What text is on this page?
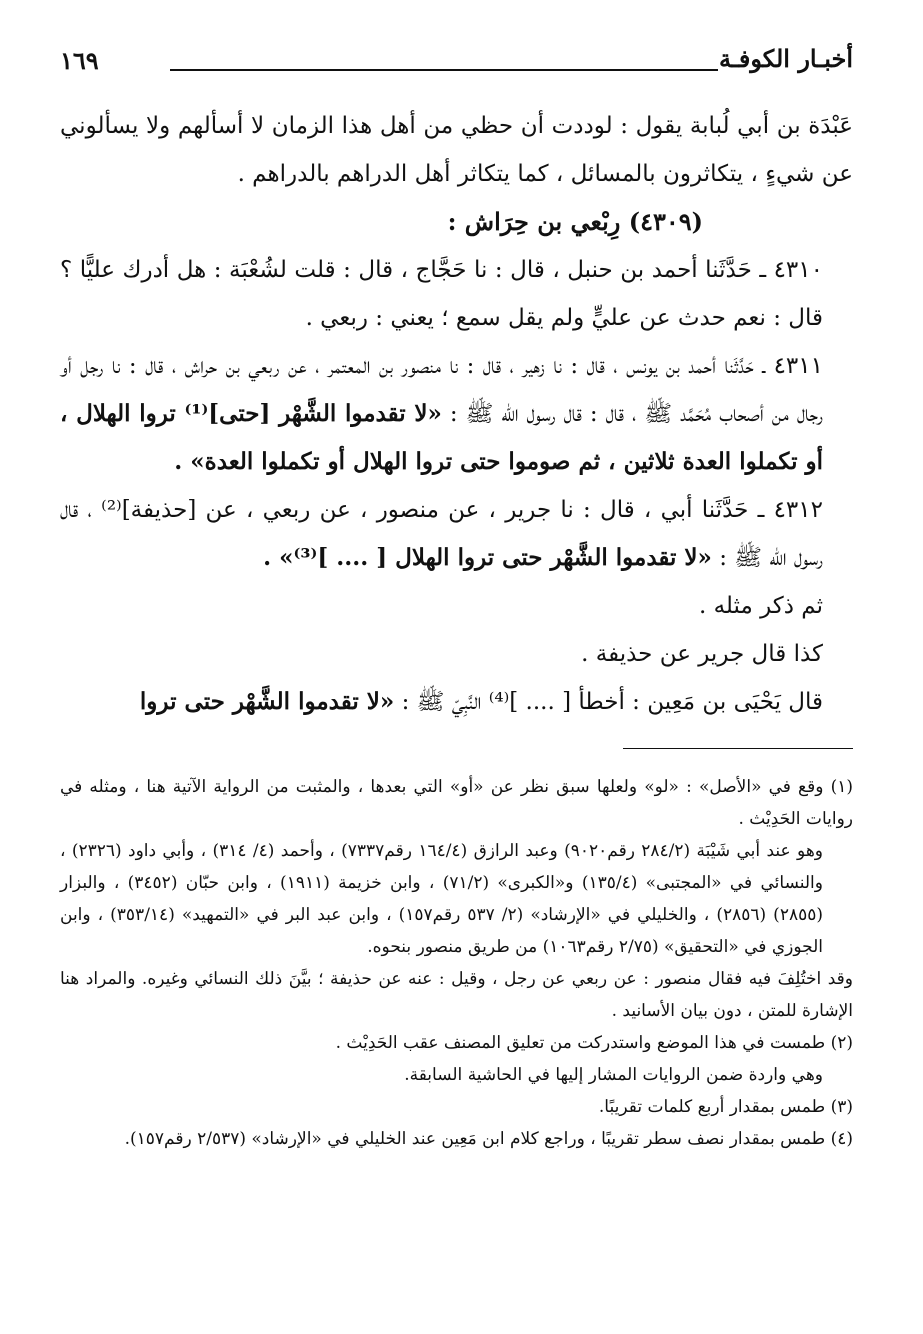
١٦٩	أخبـار الكوفـة

عَبْدَة بن أبي لُبابة يقول : لوددت أن حظي من أهل هذا الزمان لا أسألهم ولا يسألوني عن شيءٍ ، يتكاثرون بالمسائل ، كما يتكاثر أهل الدراهم بالدراهم .

(٤٣٠٩) رِبْعي بن حِرَاش :

٤٣١٠ ـ حَدَّثَنا أحمد بن حنبل ، قال : نا حَجَّاج ، قال : قلت لشُعْبَة : هل أدرك عليًّا ؟ قال : نعم حدث عن عليٍّ ولم يقل سمع ؛ يعني : ربعي .

٤٣١١ ـ حَدَّثَنا أحمد بن يونس ، قال : نا زهير ، قال : نا منصور بن المعتمر ، عن ربعي بن حراش ، قال : نا رجل أو رجال من أصحاب مُحَمَّد ﷺ ، قال : قال رسول الله ﷺ : «لا تقدموا الشَّهْر [حتى]⁽¹⁾ تروا الهلال ، أو تكملوا العدة ثلاثين ، ثم صوموا حتى تروا الهلال أو تكملوا العدة» .

٤٣١٢ ـ حَدَّثَنا أبي ، قال : نا جرير ، عن منصور ، عن ربعي ، عن [حذيفة]⁽²⁾ ، قال رسول الله ﷺ : «لا تقدموا الشَّهْر حتى تروا الهلال [ .... ]⁽³⁾» .

ثم ذكر مثله .

كذا قال جرير عن حذيفة .

قال يَحْيَى بن مَعِين : أخطأ [ .... ]⁽⁴⁾ النَّبِيّ ﷺ : «لا تقدموا الشَّهْر حتى تروا

(١) وقع في «الأصل» : «لو» ولعلها سبق نظر عن «أو» التي بعدها ، والمثبت من الرواية الآتية هنا ، ومثله في روايات الحَدِيْث .

وهو عند أبي شَيْبَة (٢٨٤/٢ رقم٩٠٢٠) وعبد الرازق (١٦٤/٤ رقم٧٣٣٧) ، وأحمد (٤/ ٣١٤) ، وأبي داود (٢٣٢٦) ، والنسائي في «المجتبى» (١٣٥/٤) و«الكبرى» (٧١/٢) ، وابن خزيمة (١٩١١) ، وابن حبّان (٣٤٥٢) ، والبزار (٢٨٥٥) (٢٨٥٦) ، والخليلي في «الإرشاد» (٢/ ٥٣٧ رقم١٥٧) ، وابن عبد البر في «التمهيد» (٣٥٣/١٤) ، وابن الجوزي في «التحقيق» (٢/٧٥ رقم١٠٦٣) من طريق منصور بنحوه.

وقد اختُلِفَ فيه فقال منصور : عن ربعي عن رجل ، وقيل : عنه عن حذيفة ؛ بيَّنَ ذلك النسائي وغيره. والمراد هنا الإشارة للمتن ، دون بيان الأسانيد .

(٢) طمست في هذا الموضع واستدركت من تعليق المصنف عقب الحَدِيْث .

وهي واردة ضمن الروايات المشار إليها في الحاشية السابقة.

(٣) طمس بمقدار أربع كلمات تقريبًا.

(٤) طمس بمقدار نصف سطر تقريبًا ، وراجع كلام ابن مَعِين عند الخليلي في «الإرشاد» (٢/٥٣٧ رقم١٥٧).
